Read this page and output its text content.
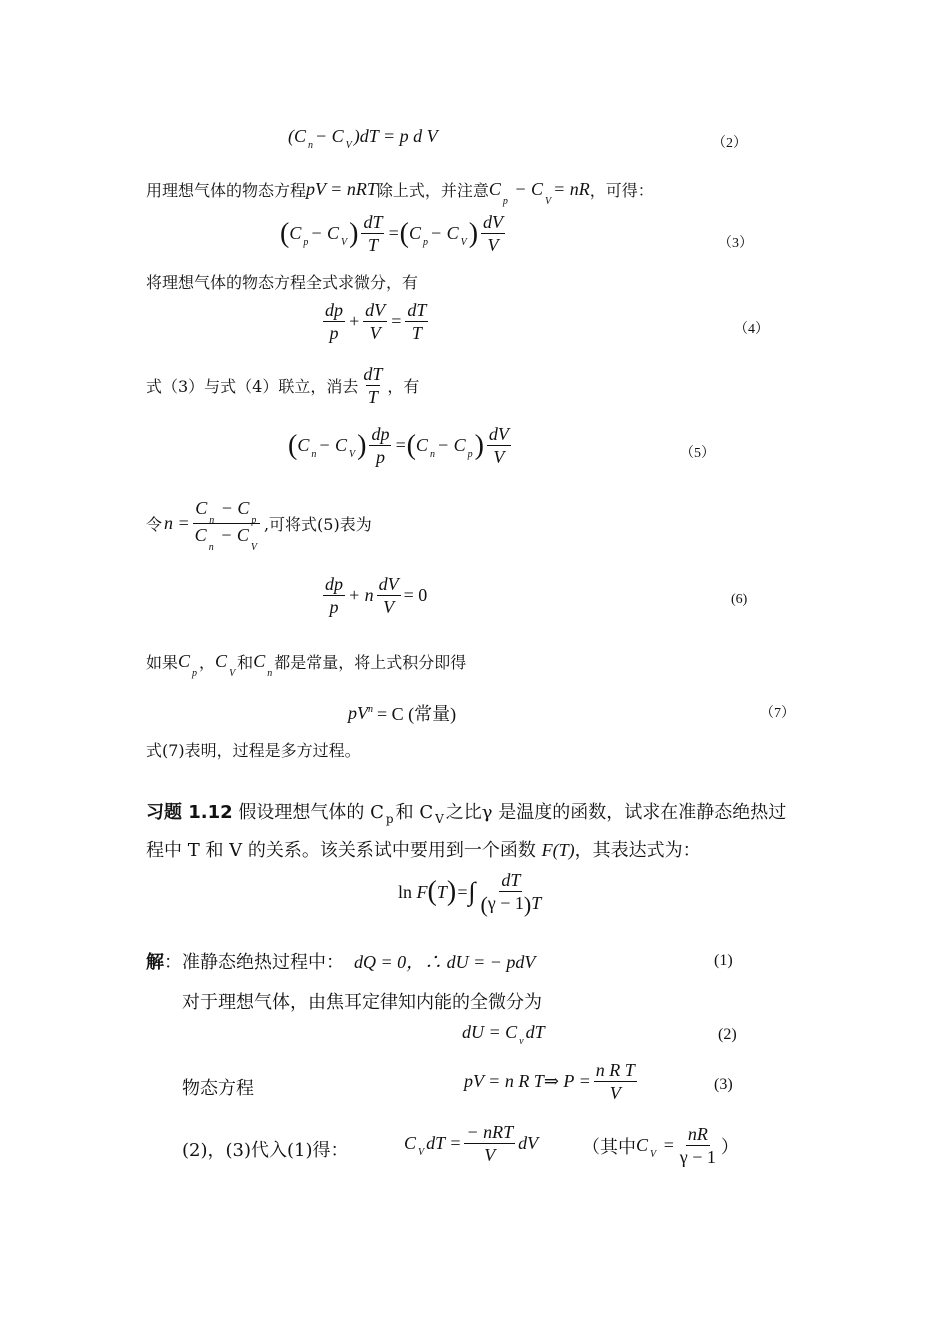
(C n − C V )dT = p d V	（2）
用理想气体的物态方程 pV = nRT 除上式，并注意 $C_p - C_V$
= nR ，可得：
( C p − C V ) $\frac{dT}{T}$ = ( C p − C V ) $\frac{dV}{V}$	（3）
将理想气体的物态方程全式求微分，有
$\frac{dp}{p} + \frac{dV}{V} = \frac{dT}{T}$	（4）
式（3）与式（4）联立，消去 $\frac{dT}{T}$ ，有
( C n − C V ) $\frac{dp}{p}$ = ( C n − C p ) $\frac{dV}{V}$	（5）
令 $n = \frac{C_n - C_p}{C_n - C_V}$ ,可将式(5)表为
$\frac{dp}{p} + n \frac{dV}{V} = 0$	(6)
如果 $C_p$
， $C_V$
和 $C_n$
都是常量，将上式积分即得
$pV^n = C$ (常量)	（7）
式(7)表明，过程是多方过程。
习题 1.12 假设理想气体的 C $_p$ 和 C $_V$ 之比γ 是温度的函数，试求在准静态绝热过
程中 T 和 V 的关系。该关系试中要用到一个函数 F(T)，其表达式为：
ln
F ( T ) = ∫ $\frac{dT}{(\gamma - 1)T}$
解 ：准静态绝热过程中： dQ = 0，∴ dU = − pdV	(1)
对于理想气体，由焦耳定律知内能的全微分为
dU = C v dT	(2)
物态方程	pV = n R T ⇒ $P = \frac{\text{n R T}}{V}$	(3)
(2)，(3)代入(1)得：	C V dT = $\frac{\text{− nRT}}{V}$ dV （其中 C $V = \frac{nR}{\gamma - 1}$ ）
